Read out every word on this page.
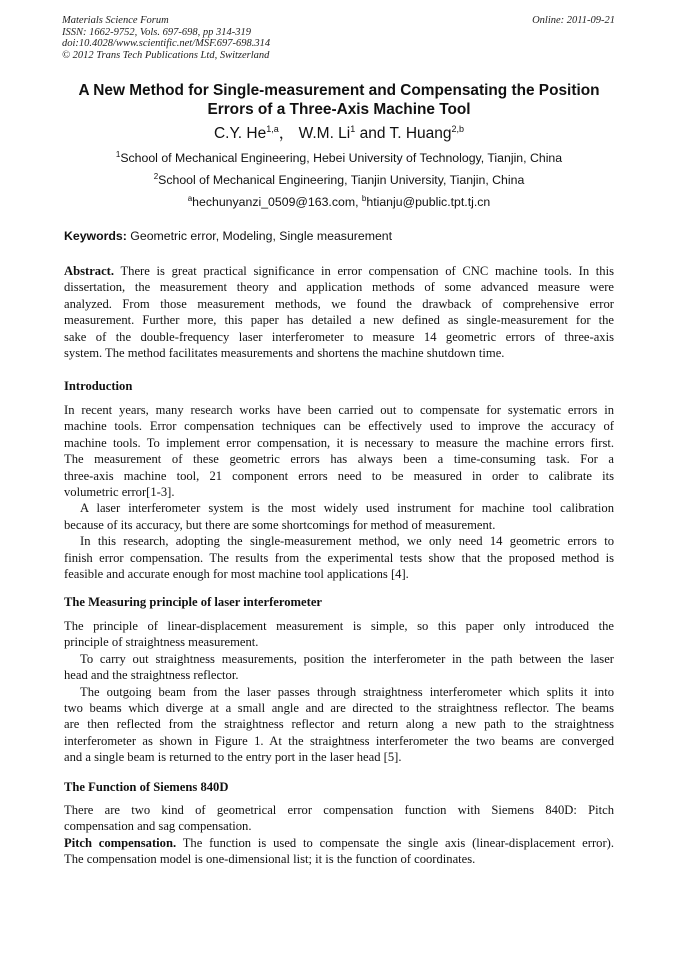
Materials Science Forum
ISSN: 1662-9752, Vols. 697-698, pp 314-319
doi:10.4028/www.scientific.net/MSF.697-698.314
© 2012 Trans Tech Publications Ltd, Switzerland
Online: 2011-09-21
A New Method for Single-measurement and Compensating the Position
Errors of a Three-Axis Machine Tool
C.Y. He$^{1,a}$， W.M. Li$^1$ and T. Huang$^{2,b}$
$^1$School of Mechanical Engineering, Hebei University of Technology, Tianjin, China
$^2$School of Mechanical Engineering, Tianjin University, Tianjin, China
$^a$hechunyanzi_0509@163.com, $^b$htianju@public.tpt.tj.cn
Keywords: Geometric error, Modeling, Single measurement
Abstract. There is great practical significance in error compensation of CNC machine tools. In this
dissertation, the measurement theory and application methods of some advanced measure were
analyzed. From those measurement methods, we found the drawback of comprehensive error
measurement. Further more, this paper has detailed a new defined as single-measurement for the
sake of the double-frequency laser interferometer to measure 14 geometric errors of three-axis
system. The method facilitates measurements and shortens the machine shutdown time.
Introduction
In recent years, many research works have been carried out to compensate for systematic errors in
machine tools. Error compensation techniques can be effectively used to improve the accuracy of
machine tools. To implement error compensation, it is necessary to measure the machine errors first.
The measurement of these geometric errors has always been a time-consuming task. For a
three-axis machine tool, 21 component errors need to be measured in order to calibrate its
volumetric error[1-3].
A laser interferometer system is the most widely used instrument for machine tool calibration
because of its accuracy, but there are some shortcomings for method of measurement.
In this research, adopting the single-measurement method, we only need 14 geometric errors to
finish error compensation. The results from the experimental tests show that the proposed method is
feasible and accurate enough for most machine tool applications [4].
The Measuring principle of laser interferometer
The principle of linear-displacement measurement is simple, so this paper only introduced the
principle of straightness measurement.
To carry out straightness measurements, position the interferometer in the path between the laser
head and the straightness reflector.
The outgoing beam from the laser passes through straightness interferometer which splits it into
two beams which diverge at a small angle and are directed to the straightness reflector. The beams
are then reflected from the straightness reflector and return along a new path to the straightness
interferometer as shown in Figure 1. At the straightness interferometer the two beams are converged
and a single beam is returned to the entry port in the laser head [5].
The Function of Siemens 840D
There are two kind of geometrical error compensation function with Siemens 840D: Pitch
compensation and sag compensation.
Pitch compensation. The function is used to compensate the single axis (linear-displacement error).
The compensation model is one-dimensional list; it is the function of coordinates.
